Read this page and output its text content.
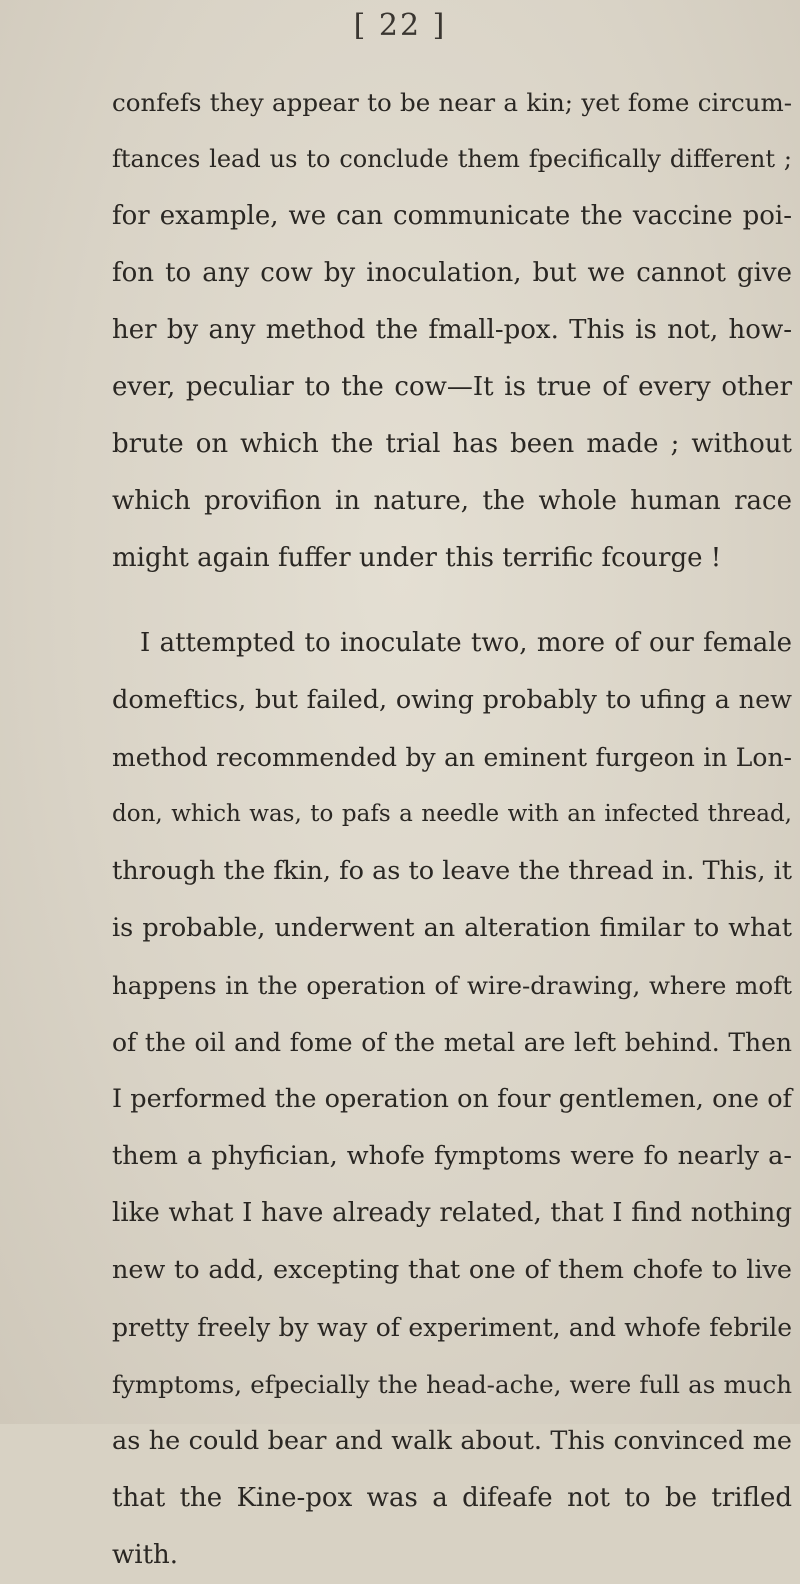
[ 22 ]
confefs they appear to be near a kin; yet fome circum-
ftances lead us to conclude them fpecifically different ;
for example, we can communicate the vaccine poi-
fon to any cow by inoculation, but we cannot give
her by any method the fmall-pox. This is not, how-
ever, peculiar to the cow—It is true of every other
brute on which the trial has been made ; without
which provifion in nature, the whole human race
might again fuffer under this terrific fcourge !
I attempted to inoculate two, more of our female
domeftics, but failed, owing probably to ufing a new
method recommended by an eminent furgeon in Lon-
don, which was, to pafs a needle with an infected thread,
through the fkin, fo as to leave the thread in. This, it
is probable, underwent an alteration fimilar to what
happens in the operation of wire-drawing, where moft
of the oil and fome of the metal are left behind. Then
I performed the operation on four gentlemen, one of
them a phyfician, whofe fymptoms were fo nearly a-
like what I have already related, that I find nothing
new to add, excepting that one of them chofe to live
pretty freely by way of experiment, and whofe febrile
fymptoms, efpecially the head-ache, were full as much
as he could bear and walk about. This convinced me
that the Kine-pox was a difeafe not to be trifled
with.
